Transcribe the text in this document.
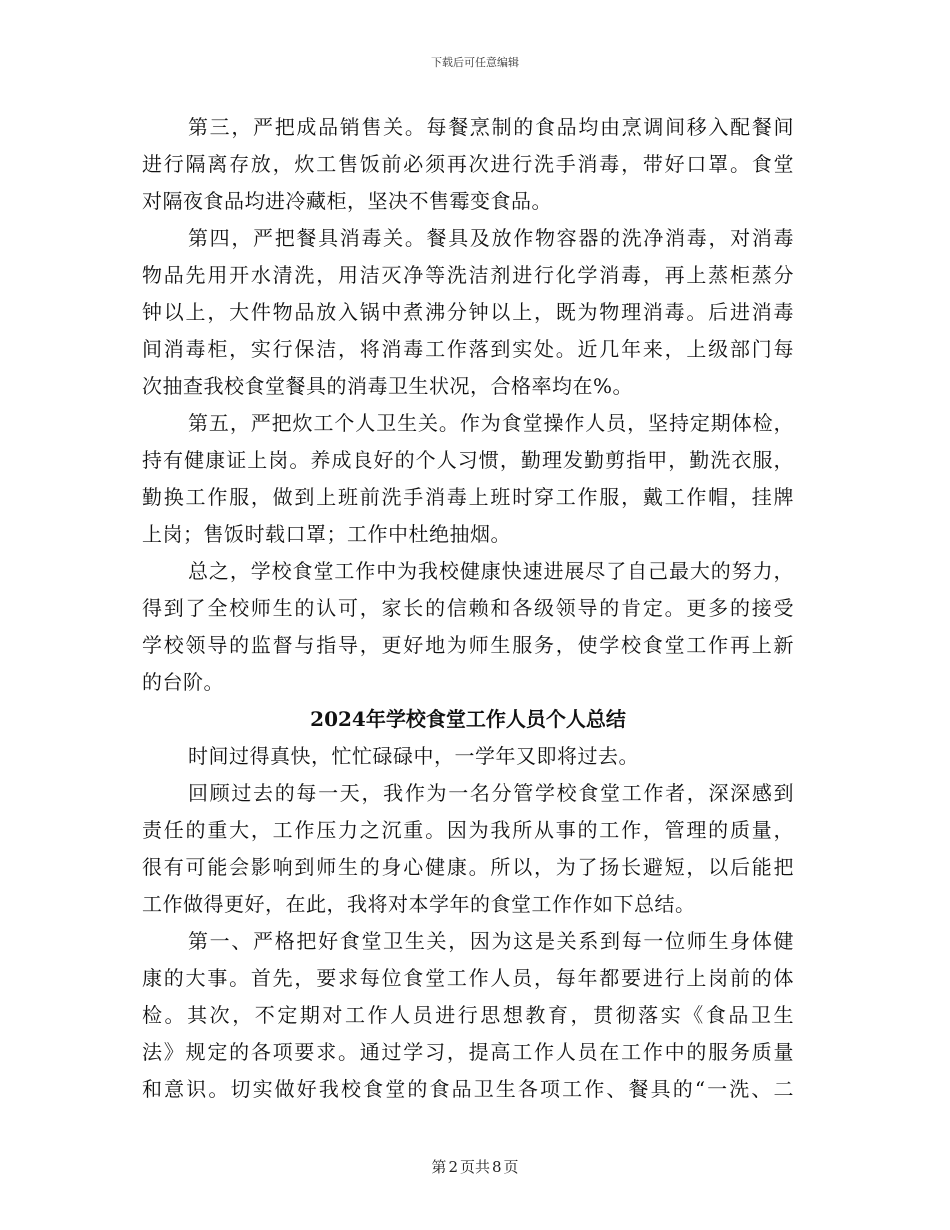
下载后可任意编辑
第三，严把成品销售关。每餐烹制的食品均由烹调间移入配餐间
进行隔离存放，炊工售饭前必须再次进行洗手消毒，带好口罩。食堂
对隔夜食品均进冷藏柜，坚决不售霉变食品。
第四，严把餐具消毒关。餐具及放作物容器的洗净消毒，对消毒
物品先用开水清洗，用洁灭净等洗洁剂进行化学消毒，再上蒸柜蒸分
钟以上，大件物品放入锅中煮沸分钟以上，既为物理消毒。后进消毒
间消毒柜，实行保洁，将消毒工作落到实处。近几年来，上级部门每
次抽查我校食堂餐具的消毒卫生状况，合格率均在%。
第五，严把炊工个人卫生关。作为食堂操作人员，坚持定期体检，
持有健康证上岗。养成良好的个人习惯，勤理发勤剪指甲，勤洗衣服，
勤换工作服，做到上班前洗手消毒上班时穿工作服，戴工作帽，挂牌
上岗；售饭时载口罩；工作中杜绝抽烟。
总之，学校食堂工作中为我校健康快速进展尽了自己最大的努力，
得到了全校师生的认可，家长的信赖和各级领导的肯定。更多的接受
学校领导的监督与指导，更好地为师生服务，使学校食堂工作再上新
的台阶。
2024年学校食堂工作人员个人总结
时间过得真快，忙忙碌碌中，一学年又即将过去。
回顾过去的每一天，我作为一名分管学校食堂工作者，深深感到
责任的重大，工作压力之沉重。因为我所从事的工作，管理的质量，
很有可能会影响到师生的身心健康。所以，为了扬长避短，以后能把
工作做得更好，在此，我将对本学年的食堂工作作如下总结。
第一、严格把好食堂卫生关，因为这是关系到每一位师生身体健
康的大事。首先，要求每位食堂工作人员，每年都要进行上岗前的体
检。其次，不定期对工作人员进行思想教育，贯彻落实《食品卫生
法》规定的各项要求。通过学习，提高工作人员在工作中的服务质量
和意识。切实做好我校食堂的食品卫生各项工作、餐具的“一洗、二
第 2 页共 8 页
